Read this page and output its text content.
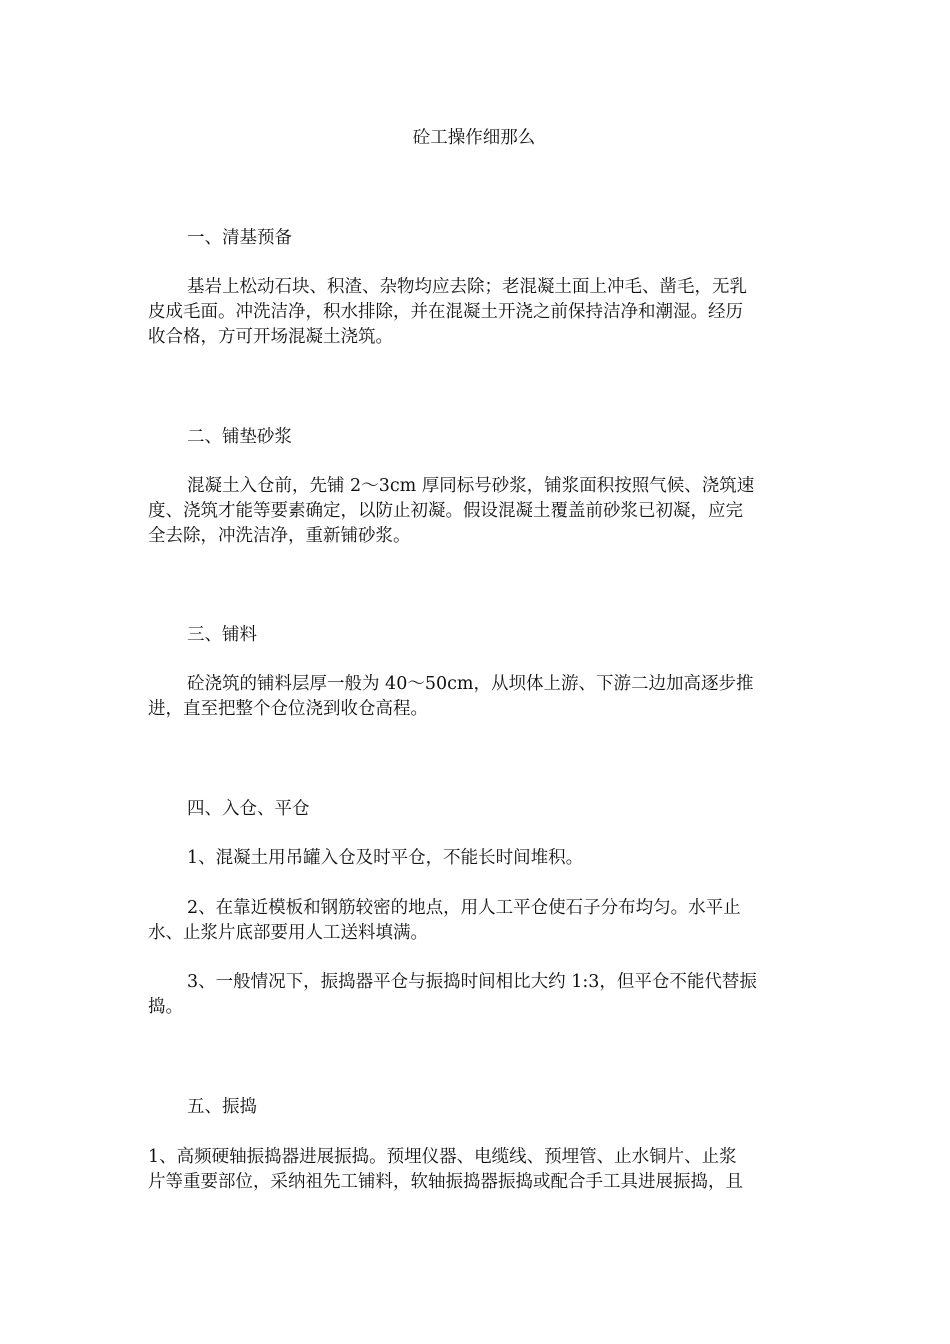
砼工操作细那么
一、清基预备
基岩上松动石块、积渣、杂物均应去除；老混凝土面上冲毛、凿毛，无乳
皮成毛面。冲洗洁净，积水排除，并在混凝土开浇之前保持洁净和潮湿。经历
收合格，方可开场混凝土浇筑。
二、铺垫砂浆
混凝土入仓前，先铺 2～3cm 厚同标号砂浆，铺浆面积按照气候、浇筑速
度、浇筑才能等要素确定，以防止初凝。假设混凝土覆盖前砂浆已初凝，应完
全去除，冲洗洁净，重新铺砂浆。
三、铺料
砼浇筑的铺料层厚一般为 40～50cm，从坝体上游、下游二边加高逐步推
进，直至把整个仓位浇到收仓高程。
四、入仓、平仓
1、混凝土用吊罐入仓及时平仓，不能长时间堆积。
2、在靠近模板和钢筋较密的地点，用人工平仓使石子分布均匀。水平止
水、止浆片底部要用人工送料填满。
3、一般情况下，振捣器平仓与振捣时间相比大约 1:3，但平仓不能代替振
捣。
五、振捣
1、高频硬轴振捣器进展振捣。预埋仪器、电缆线、预埋管、止水铜片、止浆
片等重要部位，采纳祖先工铺料，软轴振捣器振捣或配合手工具进展振捣，且
